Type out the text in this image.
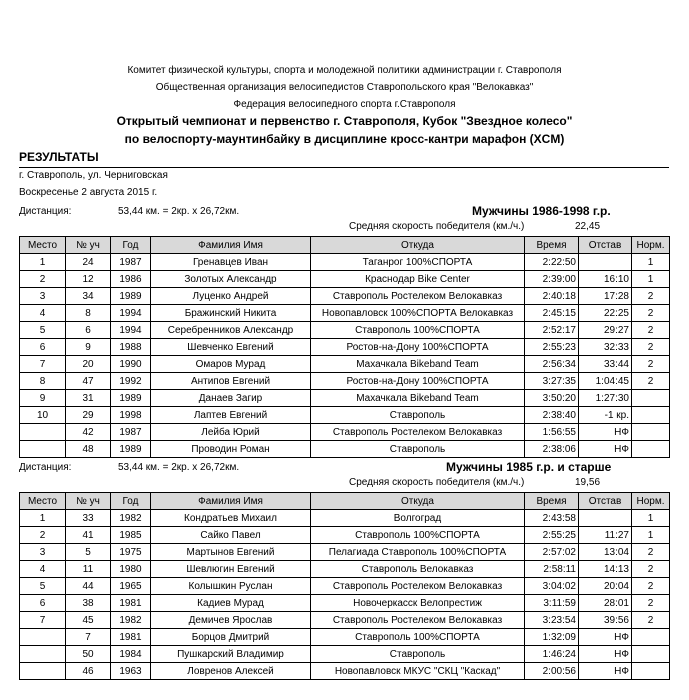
Комитет физической культуры, спорта и молодежной политики администрации г. Ставрополя
Общественная организация велосипедистов Ставропольского края "Велокавказ"
Федерация велосипедного спорта г.Ставрополя
Открытый чемпионат и первенство г. Ставрополя, Кубок "Звездное колесо"
по велоспорту-маунтинбайку в дисциплине кросс-кантри марафон (XCM)
РЕЗУЛЬТАТЫ
г. Ставрополь, ул. Черниговская
Воскресенье 2 августа 2015 г.
Дистанция:	53,44 км. = 2кр. х 26,72км.	Мужчины 1986-1998 г.р.
Средняя скорость победителя (км./ч.)	22,45
Место	№ уч	Год	Фамилия Имя	Откуда	Время	Отстав	Норм.
1	24	1987	Гренавцев Иван	Таганрог 100%СПОРТА	2:22:50		1
2	12	1986	Золотых Александр	Краснодар Bike Center	2:39:00	16:10	1
3	34	1989	Луценко Андрей	Ставрополь Ростелеком Велокавказ	2:40:18	17:28	2
4	8	1994	Бражинский Никита	Новопавловск 100%СПОРТА Велокавказ	2:45:15	22:25	2
5	6	1994	Серебренников Александр	Ставрополь 100%СПОРТА	2:52:17	29:27	2
6	9	1988	Шевченко Евгений	Ростов-на-Дону 100%СПОРТА	2:55:23	32:33	2
7	20	1990	Омаров Мурад	Махачкала Bikeband Team	2:56:34	33:44	2
8	47	1992	Антипов Евгений	Ростов-на-Дону 100%СПОРТА	3:27:35	1:04:45	2
9	31	1989	Данаев Загир	Махачкала Bikeband Team	3:50:20	1:27:30	
10	29	1998	Лаптев Евгений	Ставрополь	2:38:40	-1 кр.	
	42	1987	Лейба Юрий	Ставрополь Ростелеком Велокавказ	1:56:55	НФ	
	48	1989	Проводин Роман	Ставрополь	2:38:06	НФ	
Дистанция:	53,44 км. = 2кр. х 26,72км.	Мужчины 1985 г.р. и старше
Средняя скорость победителя (км./ч.)	19,56
Место	№ уч	Год	Фамилия Имя	Откуда	Время	Отстав	Норм.
1	33	1982	Кондратьев Михаил	Волгоград	2:43:58		1
2	41	1985	Сайко Павел	Ставрополь 100%СПОРТА	2:55:25	11:27	1
3	5	1975	Мартынов Евгений	Пелагиада Ставрополь 100%СПОРТА	2:57:02	13:04	2
4	11	1980	Шевлюгин Евгений	Ставрополь Велокавказ	2:58:11	14:13	2
5	44	1965	Колышкин Руслан	Ставрополь Ростелеком Велокавказ	3:04:02	20:04	2
6	38	1981	Кадиев Мурад	Новочеркасск Велопрестиж	3:11:59	28:01	2
7	45	1982	Демичев Ярослав	Ставрополь Ростелеком Велокавказ	3:23:54	39:56	2
	7	1981	Борцов Дмитрий	Ставрополь 100%СПОРТА	1:32:09	НФ	
	50	1984	Пушкарский Владимир	Ставрополь	1:46:24	НФ	
	46	1963	Ловренов Алексей	Новопавловск МКУС "СКЦ "Каскад"	2:00:56	НФ	
